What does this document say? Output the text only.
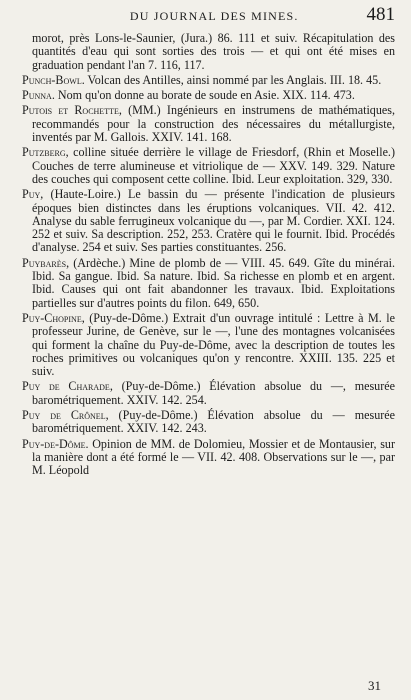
DU JOURNAL DES MINES.	481

morot, près Lons-le-Saunier, (Jura.) 86. 111 et suiv. Récapitulation des quantités d'eau qui sont sorties des trois — et qui ont été mises en graduation pendant l'an 7. 116, 117.

Punch-Bowl. Volcan des Antilles, ainsi nommé par les Anglais. III. 18. 45.

Punna. Nom qu'on donne au borate de soude en Asie. XIX. 114. 473.

Putois et Rochette, (MM.) Ingénieurs en instrumens de mathématiques, recommandés pour la construction des nécessaires du métallurgiste, inventés par M. Gallois. XXIV. 141. 168.

Putzberg, colline située derrière le village de Friesdorf, (Rhin et Moselle.) Couches de terre alumineuse et vitriolique de — XXV. 149. 329. Nature des couches qui composent cette colline. Ibid. Leur exploitation. 329, 330.

Puy, (Haute-Loire.) Le bassin du — présente l'indication de plusieurs époques bien distinctes dans les éruptions volcaniques. VII. 42. 412. Analyse du sable ferrugineux volcanique du —, par M. Cordier. XXI. 124. 252 et suiv. Sa description. 252, 253. Cratère qui le fournit. Ibid. Procédés d'analyse. 254 et suiv. Ses parties constituantes. 256.

Puybarès, (Ardèche.) Mine de plomb de — VIII. 45. 649. Gîte du minérai. Ibid. Sa gangue. Ibid. Sa nature. Ibid. Sa richesse en plomb et en argent. Ibid. Causes qui ont fait abandonner les travaux. Ibid. Exploitations partielles sur d'autres points du filon. 649, 650.

Puy-Chopine, (Puy-de-Dôme.) Extrait d'un ouvrage intitulé : Lettre à M. le professeur Jurine, de Genève, sur le —, l'une des montagnes volcanisées qui forment la chaîne du Puy-de-Dôme, avec la description de toutes les roches primitives ou volcaniques qu'on y rencontre. XXIII. 135. 225 et suiv.

Puy de Charade, (Puy-de-Dôme.) Élévation absolue du —, mesurée barométriquement. XXIV. 142. 254.

Puy de Crônel, (Puy-de-Dôme.) Élévation absolue du — mesurée barométriquement. XXIV. 142. 243.

Puy-de-Dôme. Opinion de MM. de Dolomieu, Mossier et de Montausier, sur la manière dont a été formé le — VII. 42. 408. Observations sur le —, par M. Léopold

31
